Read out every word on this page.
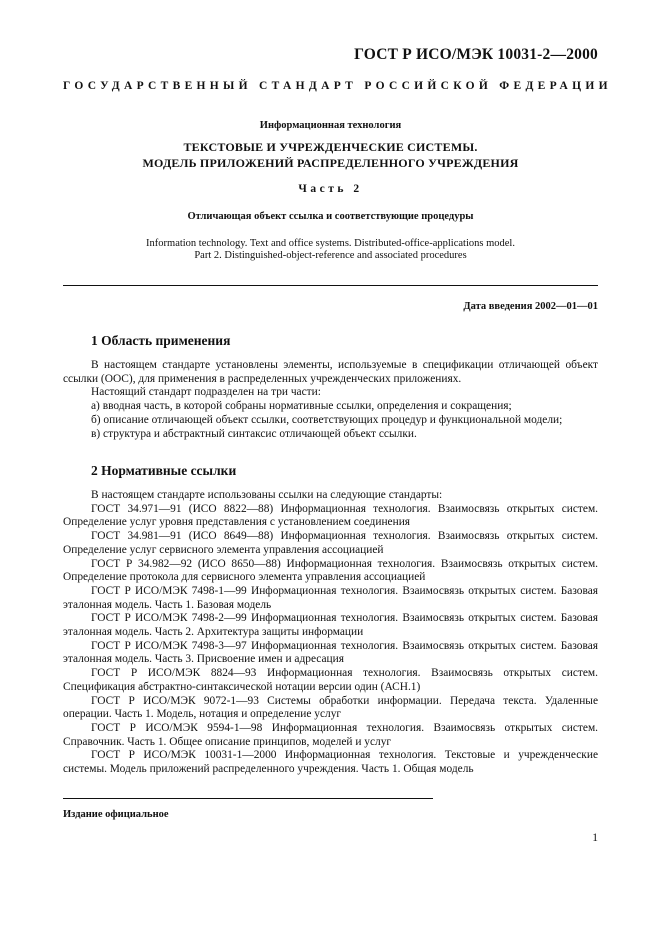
ГОСТ Р ИСО/МЭК 10031-2—2000
ГОСУДАРСТВЕННЫЙ СТАНДАРТ РОССИЙСКОЙ ФЕДЕРАЦИИ
Информационная технология
ТЕКСТОВЫЕ И УЧРЕЖДЕНЧЕСКИЕ СИСТЕМЫ.
МОДЕЛЬ ПРИЛОЖЕНИЙ РАСПРЕДЕЛЕННОГО УЧРЕЖДЕНИЯ
Часть 2
Отличающая объект ссылка и соответствующие процедуры
Information technology. Text and office systems. Distributed-office-applications model.
Part 2. Distinguished-object-reference and associated procedures
Дата введения 2002—01—01
1 Область применения

В настоящем стандарте установлены элементы, используемые в спецификации отличающей объект ссылки (ООС), для применения в распределенных учрежденческих приложениях.

Настоящий стандарт подразделен на три части:

а) вводная часть, в которой собраны нормативные ссылки, определения и сокращения;

б) описание отличающей объект ссылки, соответствующих процедур и функциональной модели;

в) структура и абстрактный синтаксис отличающей объект ссылки.

2 Нормативные ссылки

В настоящем стандарте использованы ссылки на следующие стандарты:

ГОСТ 34.971—91 (ИСО 8822—88) Информационная технология. Взаимосвязь открытых систем. Определение услуг уровня представления с установлением соединения

ГОСТ 34.981—91 (ИСО 8649—88) Информационная технология. Взаимосвязь открытых систем. Определение услуг сервисного элемента управления ассоциацией

ГОСТ Р 34.982—92 (ИСО 8650—88) Информационная технология. Взаимосвязь открытых систем. Определение протокола для сервисного элемента управления ассоциацией

ГОСТ Р ИСО/МЭК 7498-1—99 Информационная технология. Взаимосвязь открытых систем. Базовая эталонная модель. Часть 1. Базовая модель

ГОСТ Р ИСО/МЭК 7498-2—99 Информационная технология. Взаимосвязь открытых систем. Базовая эталонная модель. Часть 2. Архитектура защиты информации

ГОСТ Р ИСО/МЭК 7498-3—97 Информационная технология. Взаимосвязь открытых систем. Базовая эталонная модель. Часть 3. Присвоение имен и адресация

ГОСТ Р ИСО/МЭК 8824—93 Информационная технология. Взаимосвязь открытых систем. Спецификация абстрактно-синтаксической нотации версии один (АСН.1)

ГОСТ Р ИСО/МЭК 9072-1—93 Системы обработки информации. Передача текста. Удаленные операции. Часть 1. Модель, нотация и определение услуг

ГОСТ Р ИСО/МЭК 9594-1—98 Информационная технология. Взаимосвязь открытых систем. Справочник. Часть 1. Общее описание принципов, моделей и услуг

ГОСТ Р ИСО/МЭК 10031-1—2000 Информационная технология. Текстовые и учрежденческие системы. Модель приложений распределенного учреждения. Часть 1. Общая модель

Издание официальное
1
